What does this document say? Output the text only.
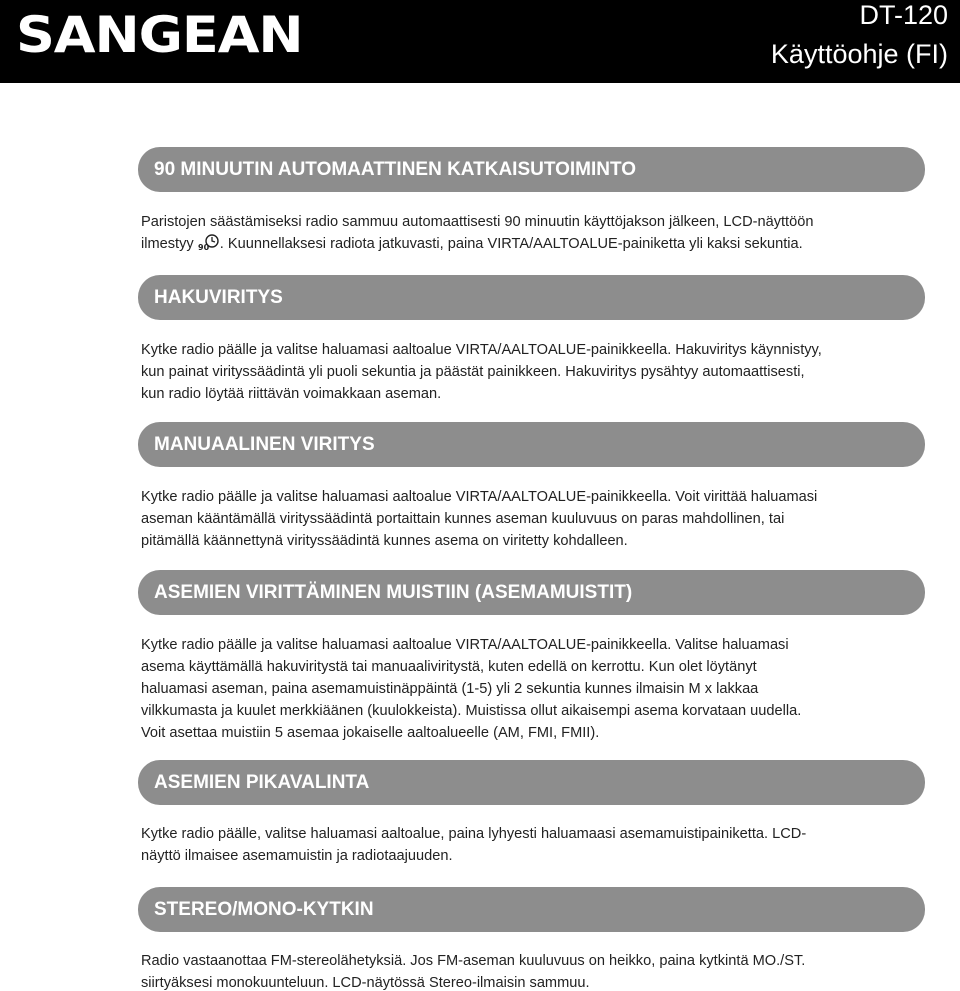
SANGEAN	DT-120
Käyttöohje (FI)
90 MINUUTIN AUTOMAATTINEN KATKAISUTOIMINTO
Paristojen säästämiseksi radio sammuu automaattisesti 90 minuutin käyttöjakson jälkeen, LCD-näyttöön
ilmestyy 90 . Kuunnellaksesi radiota jatkuvasti, paina VIRTA/AALTOALUE-painiketta yli kaksi sekuntia.
HAKUVIRITYS
Kytke radio päälle ja valitse haluamasi aaltoalue VIRTA/AALTOALUE-painikkeella. Hakuviritys käynnistyy,
kun painat virityssäädintä yli puoli sekuntia ja päästät painikkeen. Hakuviritys pysähtyy automaattisesti,
kun radio löytää riittävän voimakkaan aseman.
MANUAALINEN VIRITYS
Kytke radio päälle ja valitse haluamasi aaltoalue VIRTA/AALTOALUE-painikkeella. Voit virittää haluamasi
aseman kääntämällä virityssäädintä portaittain kunnes aseman kuuluvuus on paras mahdollinen, tai
pitämällä käännettynä virityssäädintä kunnes asema on viritetty kohdalleen.
ASEMIEN VIRITTÄMINEN MUISTIIN (ASEMAMUISTIT)
Kytke radio päälle ja valitse haluamasi aaltoalue VIRTA/AALTOALUE-painikkeella. Valitse haluamasi
asema käyttämällä hakuviritystä tai manuaaliviritystä, kuten edellä on kerrottu. Kun olet löytänyt
haluamasi aseman, paina asemamuistinäppäintä (1-5) yli 2 sekuntia kunnes ilmaisin M x lakkaa
vilkkumasta ja kuulet merkkiäänen (kuulokkeista). Muistissa ollut aikaisempi asema korvataan uudella.
Voit asettaa muistiin 5 asemaa jokaiselle aaltoalueelle (AM, FMI, FMII).
ASEMIEN PIKAVALINTA
Kytke radio päälle, valitse haluamasi aaltoalue, paina lyhyesti haluamaasi asemamuistipainiketta. LCD-
näyttö ilmaisee asemamuistin ja radiotaajuuden.
STEREO/MONO-KYTKIN
Radio vastaanottaa FM-stereolähetyksiä. Jos FM-aseman kuuluvuus on heikko, paina kytkintä MO./ST.
siirtyäksesi monokuunteluun. LCD-näytössä Stereo-ilmaisin sammuu.
